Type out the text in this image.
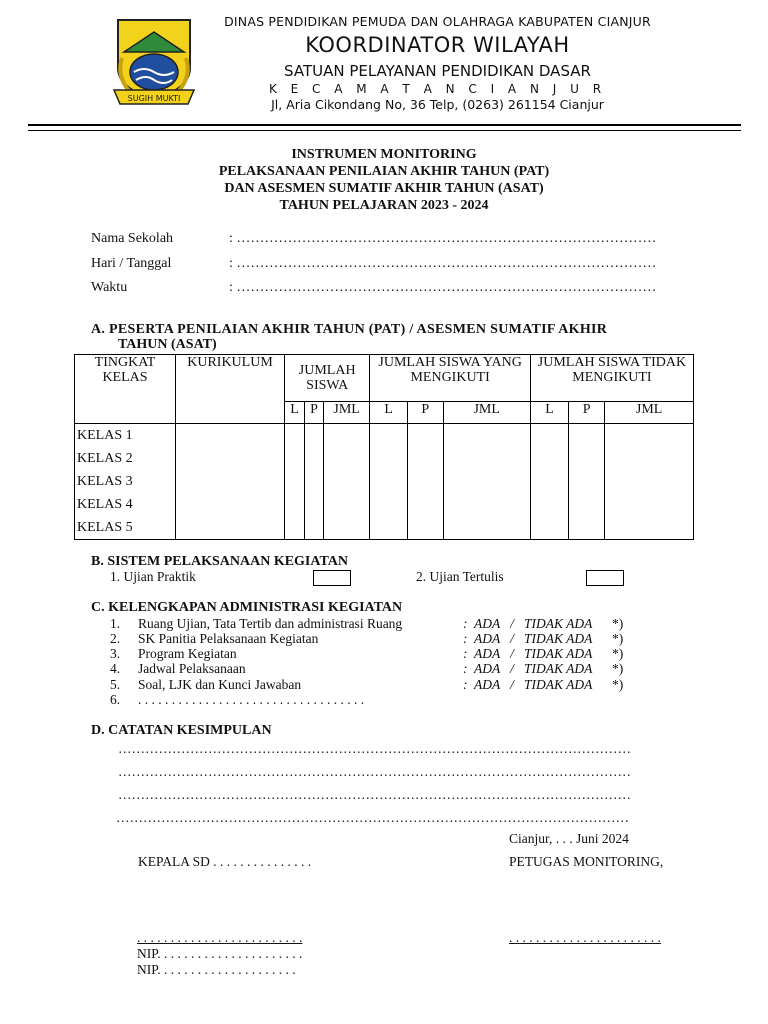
SUGIH MUKTI
DINAS PENDIDIKAN PEMUDA DAN OLAHRAGA KABUPATEN CIANJUR
KOORDINATOR WILAYAH
SATUAN PELAYANAN PENDIDIKAN DASAR
K E C A M A T A N C I A N J U R
Jl, Aria Cikondang No, 36 Telp, (0263) 261154 Cianjur
INSTRUMEN MONITORING
PELAKSANAAN PENILAIAN AKHIR TAHUN (PAT)
DAN ASESMEN SUMATIF AKHIR TAHUN (ASAT)
TAHUN PELAJARAN 2023 - 2024
Nama Sekolah	: ………………………………………………………………………………
Hari / Tanggal	: ………………………………………………………………………………
Waktu	: ………………………………………………………………………………
A. PESERTA PENILAIAN AKHIR TAHUN (PAT) / ASESMEN SUMATIF AKHIR
TAHUN (ASAT)
TINGKAT KELAS	KURIKULUM	JUMLAH SISWA			JUMLAH SISWA YANG MENGIKUTI			JUMLAH SISWA TIDAK MENGIKUTI		
		L	P	JML	L	P	JML	L	P	JML

KELAS 1
KELAS 2
KELAS 3
KELAS 4
KELAS 5										

B. SISTEM PELAKSANAAN KEGIATAN
1. Ujian Praktik	2. Ujian Tertulis
C. KELENGKAPAN ADMINISTRASI KEGIATAN
1. Ruang Ujian, Tata Tertib dan administrasi Ruang	:  ADA   /   TIDAK ADA *)
2. SK Panitia Pelaksanaan Kegiatan	:  ADA   /   TIDAK ADA *)
3. Program Kegiatan	:  ADA   /   TIDAK ADA *)
4. Jadwal Pelaksanaan	:  ADA   /   TIDAK ADA *)
5. Soal, LJK dan Kunci Jawaban	:  ADA   /   TIDAK ADA *)
6. . . . . . . . . . . . . . . . . . . . . . . . . . . . . . . . . . .
D. CATATAN KESIMPULAN
……………………………………………………………………………………………………
……………………………………………………………………………………………………
……………………………………………………………………………………………………
……………………………………………………………………………………………………
Cianjur, . . . Juni 2024
KEPALA SD . . . . . . . . . . . . . . .	PETUGAS MONITORING,
. . . . . . . . . . . . . . . . . . . . . . . . .	. . . . . . . . . . . . . . . . . . . . . . .
NIP. . . . . . . . . . . . . . . . . . . . . .
NIP. . . . . . . . . . . . . . . . . . . . .
